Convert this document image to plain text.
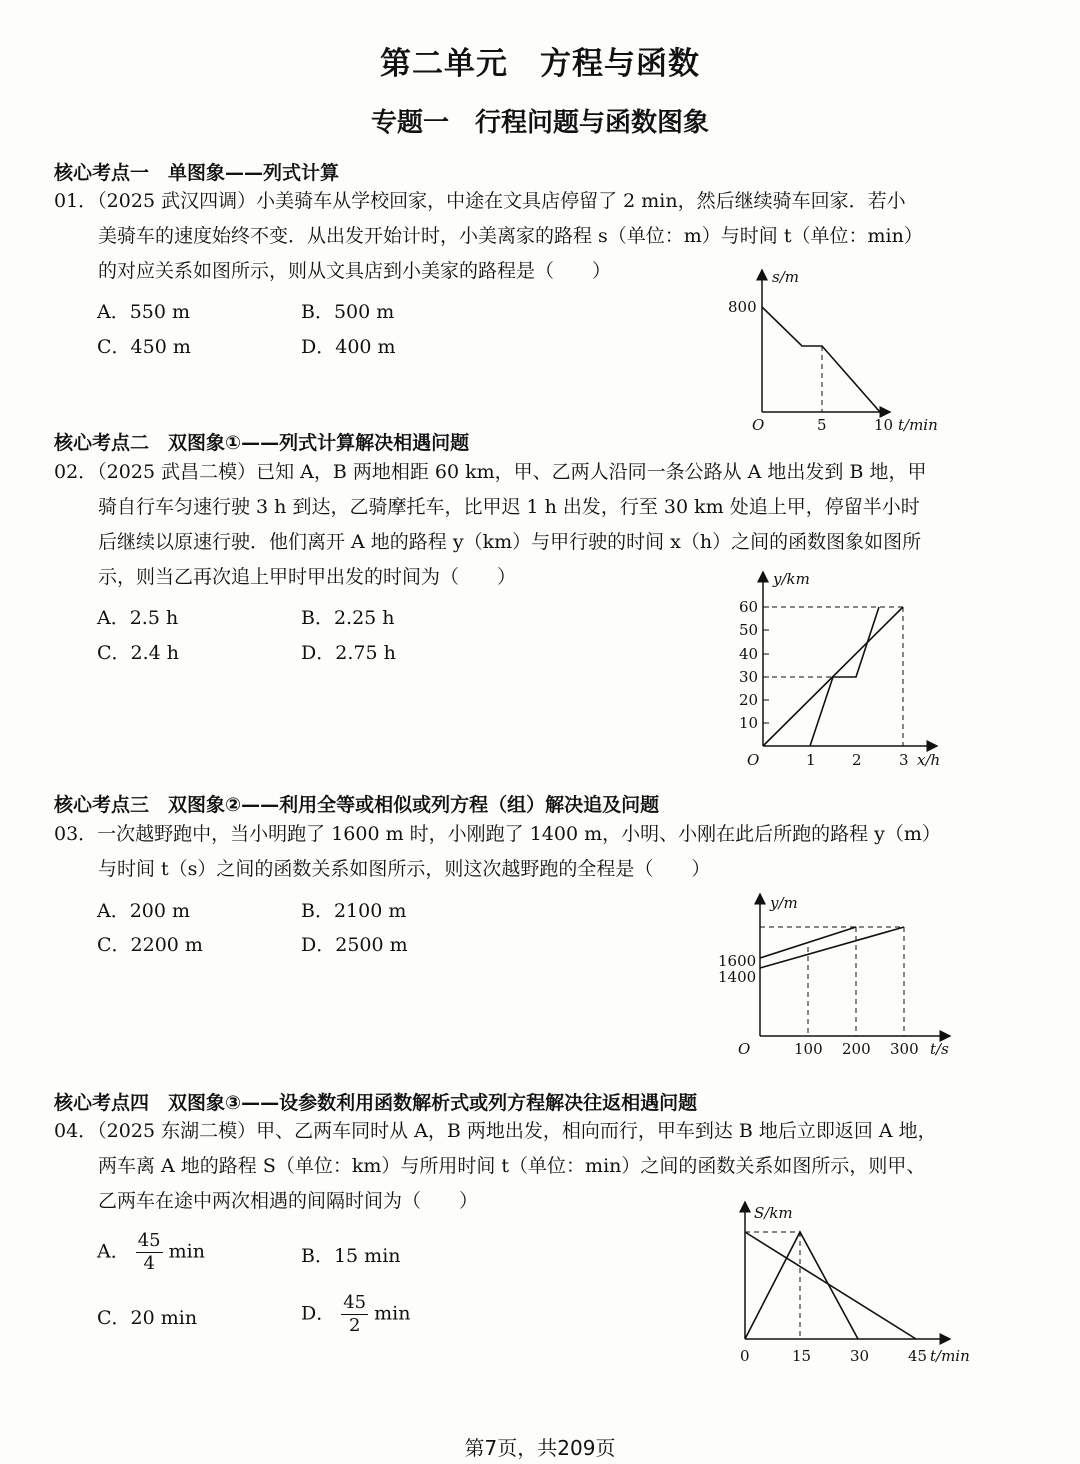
第二单元　方程与函数
专题一　行程问题与函数图象
核心考点一　单图象——列式计算
01．（2025 武汉四调）小美骑车从学校回家，中途在文具店停留了 2 min，然后继续骑车回家．若小
美骑车的速度始终不变．从出发开始计时，小美离家的路程 s（单位：m）与时间 t（单位：min）
的对应关系如图所示，则从文具店到小美家的路程是（　　）
A．550 m	B．500 m
C．450 m	D．400 m
s/m
800
O	5	10 t/min
核心考点二　双图象①——列式计算解决相遇问题
02．（2025 武昌二模）已知 A，B 两地相距 60 km，甲、乙两人沿同一条公路从 A 地出发到 B 地，甲
骑自行车匀速行驶 3 h 到达，乙骑摩托车，比甲迟 1 h 出发，行至 30 km 处追上甲，停留半小时
后继续以原速行驶．他们离开 A 地的路程 y（km）与甲行驶的时间 x（h）之间的函数图象如图所
示，则当乙再次追上甲时甲出发的时间为（　　）
A．2.5 h	B．2.25 h
C．2.4 h	D．2.75 h
y/km
60
50
40
30
20
10
O	1 2 3 x/h
核心考点三　双图象②——利用全等或相似或列方程（组）解决追及问题
03．一次越野跑中，当小明跑了 1600 m 时，小刚跑了 1400 m，小明、小刚在此后所跑的路程 y（m）
与时间 t（s）之间的函数关系如图所示，则这次越野跑的全程是（　　）
A．200 m	B．2100 m
C．2200 m	D．2500 m
y/m
1600
1400
O	100 200 300 t/s
核心考点四　双图象③——设参数利用函数解析式或列方程解决往返相遇问题
04．（2025 东湖二模）甲、乙两车同时从 A，B 两地出发，相向而行，甲车到达 B 地后立即返回 A 地，
两车离 A 地的路程 S（单位：km）与所用时间 t（单位：min）之间的函数关系如图所示，则甲、
乙两车在途中两次相遇的间隔时间为（　　）
A． $\frac{45}{4}$ min	B．15 min
C．20 min	D． $\frac{45}{2}$ min
S/km
0	15	30	45 t/min
第7页，共209页
